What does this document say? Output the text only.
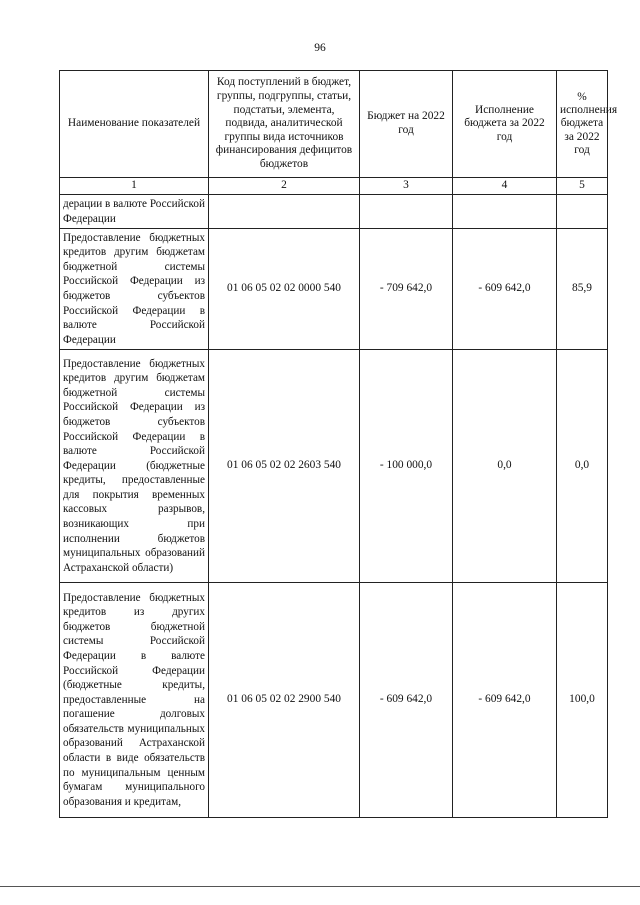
96
Наименование показателей	Код поступлений в бюджет, группы, подгруппы, статьи, подстатьи, элемента, подвида, аналитической группы вида источников финансирования дефицитов бюджетов	Бюджет на 2022 год	Исполнение бюджета за 2022 год	% исполнения бюджета за 2022 год
1	2	3	4	5
дерации в валюте Российской Федерации				
Предоставление бюджетных кредитов другим бюджетам бюджетной системы Российской Федерации из бюджетов субъектов Российской Федерации в валюте Российской Федерации	01 06 05 02 02 0000 540	- 709 642,0	- 609 642,0	85,9
Предоставление бюджетных кредитов другим бюджетам бюджетной системы Российской Федерации из бюджетов субъектов Российской Федерации в валюте Российской Федерации (бюджетные кредиты, предоставленные для покрытия временных кассовых разрывов, возникающих при исполнении бюджетов муниципальных образований Астраханской области)	01 06 05 02 02 2603 540	- 100 000,0	0,0	0,0
Предоставление бюджетных кредитов из других бюджетов бюджетной системы Российской Федерации в валюте Российской Федерации (бюджетные кредиты, предоставленные на погашение долговых обязательств муниципальных образований Астраханской области в виде обязательств по муниципальным ценным бумагам муниципального образования и кредитам,	01 06 05 02 02 2900 540	- 609 642,0	- 609 642,0	100,0
